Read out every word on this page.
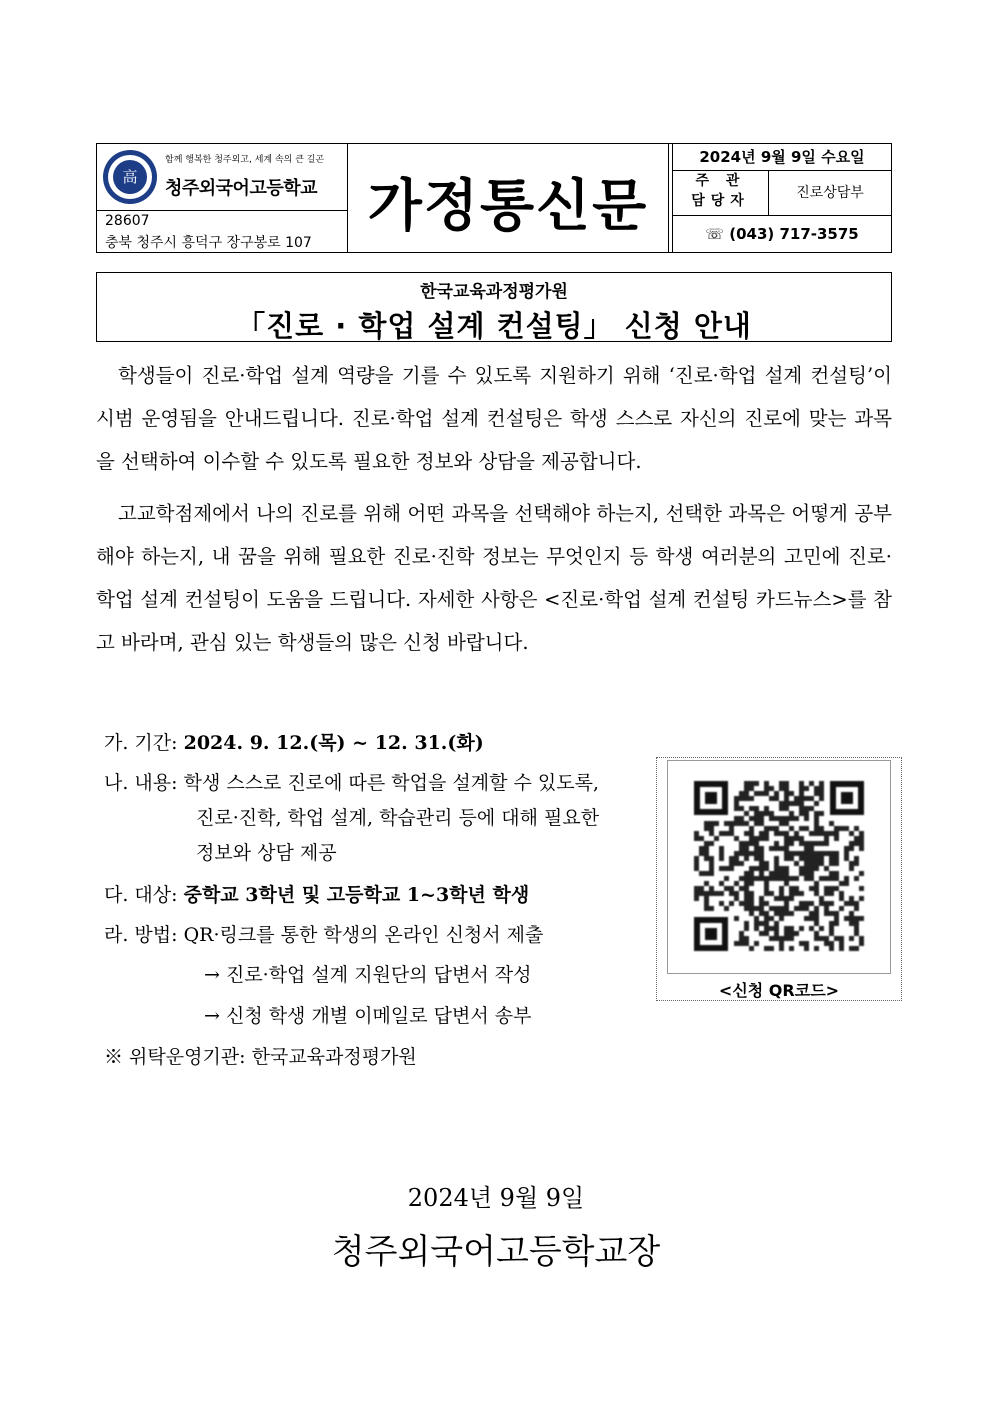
高
함께 행복한 청주외고, 세계 속의 큰 길곤
청주외국어고등학교
28607
충북 청주시 흥덕구 장구봉로 107
가정통신문
2024년 9월 9일 수요일
주 관
담당자	진로상담부
☏ (043) 717-3575
한국교육과정평가원
「진로 · 학업 설계 컨설팅」 신청 안내
학생들이 진로·학업 설계 역량을 기를 수 있도록 지원하기 위해 ‘진로·학업 설계 컨설팅’이 시범 운영됨을 안내드립니다. 진로·학업 설계 컨설팅은 학생 스스로 자신의 진로에 맞는 과목을 선택하여 이수할 수 있도록 필요한 정보와 상담을 제공합니다.
고교학점제에서 나의 진로를 위해 어떤 과목을 선택해야 하는지, 선택한 과목은 어떻게 공부해야 하는지, 내 꿈을 위해 필요한 진로·진학 정보는 무엇인지 등 학생 여러분의 고민에 진로·학업 설계 컨설팅이 도움을 드립니다. 자세한 사항은 <진로·학업 설계 컨설팅 카드뉴스>를 참고 바라며, 관심 있는 학생들의 많은 신청 바랍니다.
가. 기간: 2024. 9. 12.(목) ~ 12. 31.(화)
나. 내용: 학생 스스로 진로에 따른 학업을 설계할 수 있도록,
진로·진학, 학업 설계, 학습관리 등에 대해 필요한
정보와 상담 제공
다. 대상: 중학교 3학년 및 고등학교 1~3학년 학생
라. 방법: QR·링크를 통한 학생의 온라인 신청서 제출
→ 진로·학업 설계 지원단의 답변서 작성
→ 신청 학생 개별 이메일로 답변서 송부
※ 위탁운영기관: 한국교육과정평가원
<신청 QR코드>
2024년 9월 9일
청주외국어고등학교장
